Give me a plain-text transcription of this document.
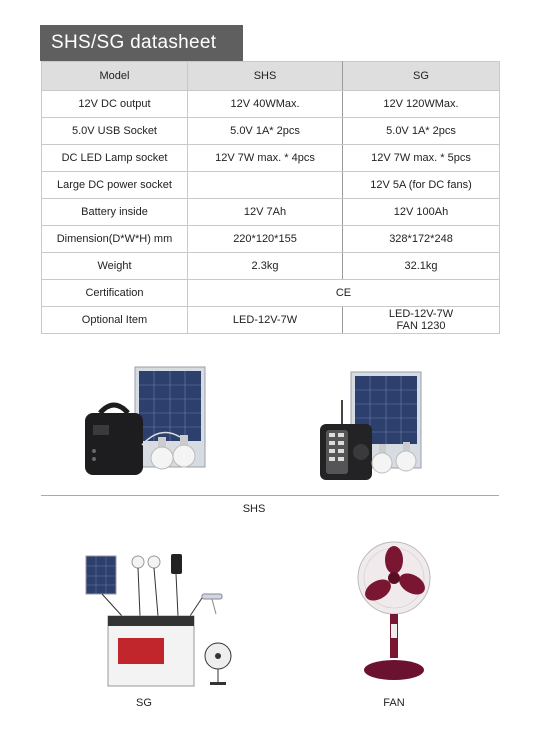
SHS/SG datasheet
Model	SHS	SG
12V DC output	12V 40WMax.	12V 120WMax.
5.0V USB Socket	5.0V 1A* 2pcs	5.0V 1A* 2pcs
DC LED Lamp socket	12V 7W max. * 4pcs	12V 7W max. * 5pcs
Large DC power socket		12V 5A (for DC fans)
Battery inside	12V 7Ah	12V 100Ah
Dimension(D*W*H) mm	220*120*155	328*172*248
Weight	2.3kg	32.1kg
Certification	CE	
Optional Item	LED-12V-7W	LED-12V-7W
FAN 1230
SHS
SG	FAN
